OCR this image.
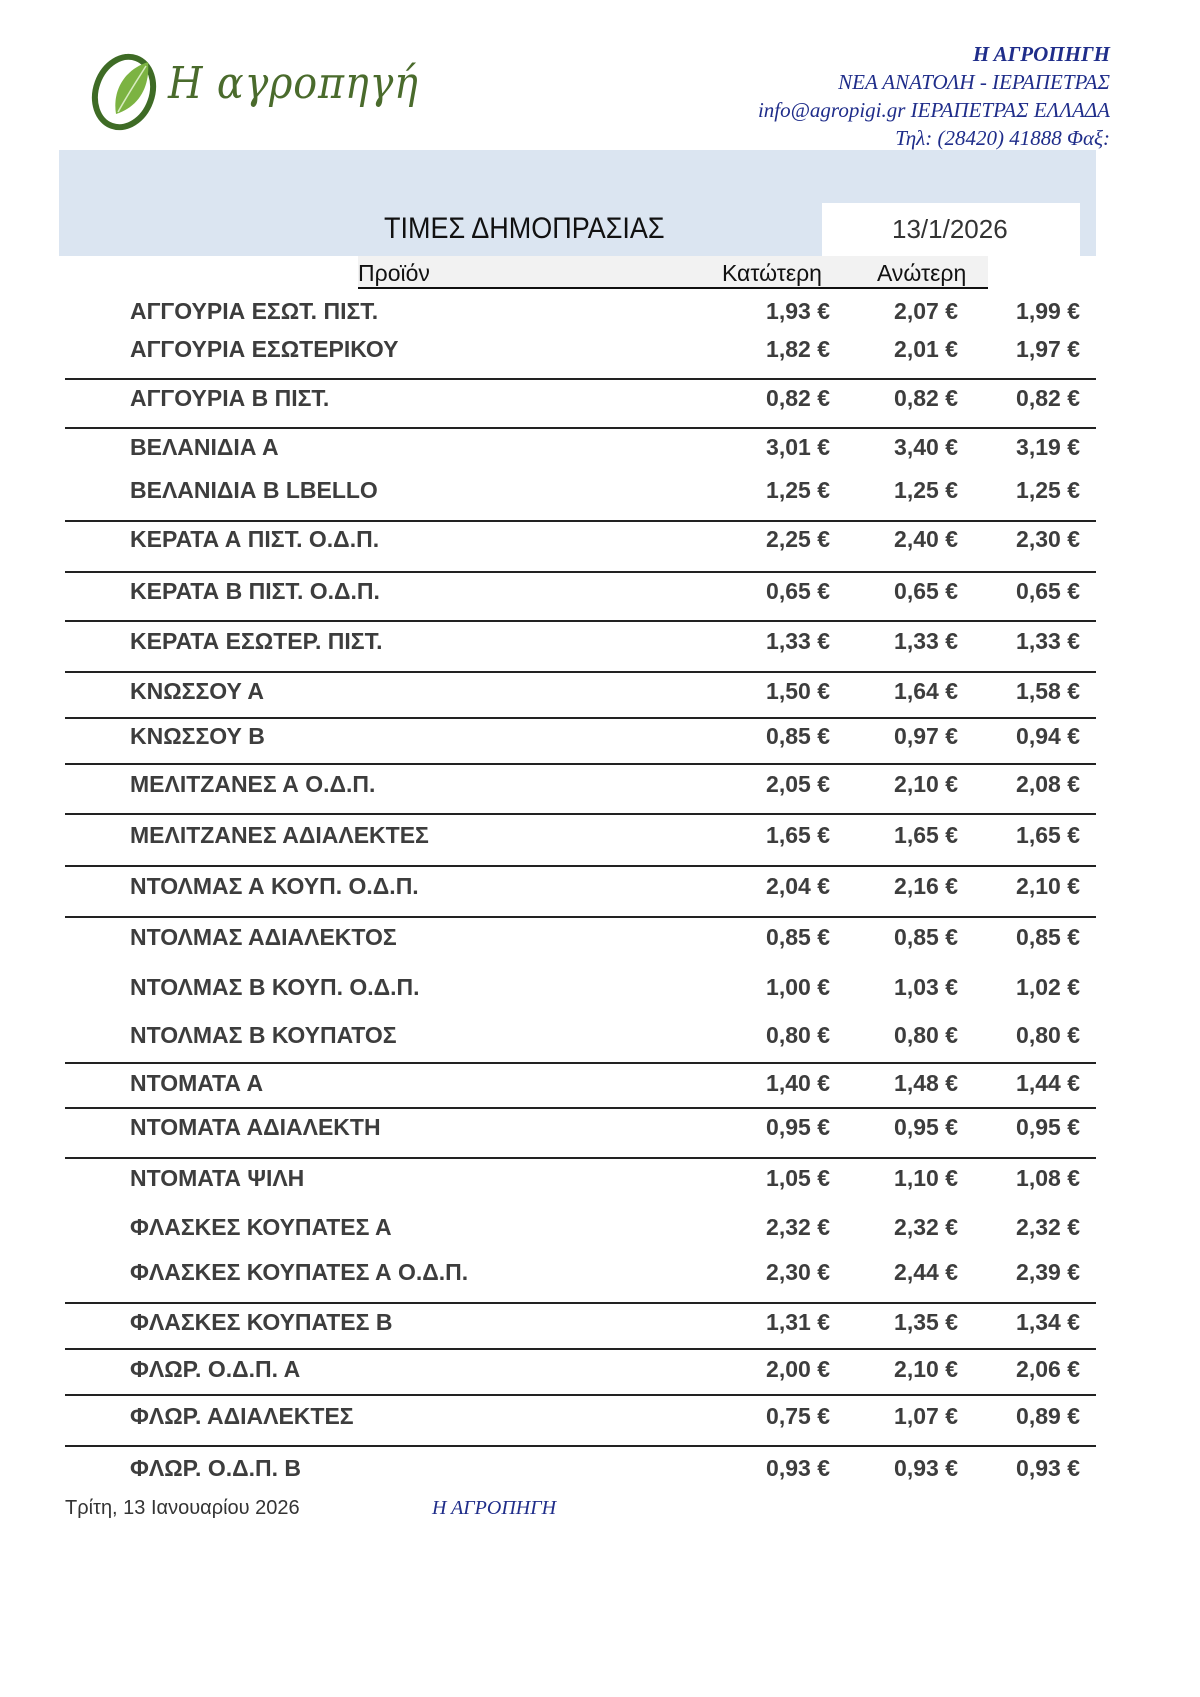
Η αγροπηγή
Η ΑΓΡΟΠΗΓΗ
ΝΕΑ ΑΝΑΤΟΛΗ - ΙΕΡΑΠΕΤΡΑΣ
info@agropigi.gr ΙΕΡΑΠΕΤΡΑΣ ΕΛΛΑΔΑ
Τηλ: (28420) 41888 Φαξ:
ΤΙΜΕΣ ΔΗΜΟΠΡΑΣΙΑΣ	13/1/2026
Προϊόν	Κατώτερη Ανώτερη
ΑΓΓΟΥΡΙΑ ΕΣΩΤ. ΠΙΣΤ.	1,93 €	2,07 €	1,99 €
ΑΓΓΟΥΡΙΑ ΕΣΩΤΕΡΙΚΟΥ	1,82 €	2,01 €	1,97 €
ΑΓΓΟΥΡΙΑ Β ΠΙΣΤ.	0,82 €	0,82 €	0,82 €
ΒΕΛΑΝΙΔΙΑ Α	3,01 €	3,40 €	3,19 €
ΒΕΛΑΝΙΔΙΑ Β LBELLO	1,25 €	1,25 €	1,25 €
ΚΕΡΑΤΑ Α ΠΙΣΤ. Ο.Δ.Π.	2,25 €	2,40 €	2,30 €
ΚΕΡΑΤΑ Β ΠΙΣΤ. Ο.Δ.Π.	0,65 €	0,65 €	0,65 €
ΚΕΡΑΤΑ ΕΣΩΤΕΡ. ΠΙΣΤ.	1,33 €	1,33 €	1,33 €
ΚΝΩΣΣΟΥ Α	1,50 €	1,64 €	1,58 €
ΚΝΩΣΣΟΥ Β	0,85 €	0,97 €	0,94 €
ΜΕΛΙΤΖΑΝΕΣ Α Ο.Δ.Π.	2,05 €	2,10 €	2,08 €
ΜΕΛΙΤΖΑΝΕΣ ΑΔΙΑΛΕΚΤΕΣ	1,65 €	1,65 €	1,65 €
ΝΤΟΛΜΑΣ Α ΚΟΥΠ. Ο.Δ.Π.	2,04 €	2,16 €	2,10 €
ΝΤΟΛΜΑΣ ΑΔΙΑΛΕΚΤΟΣ	0,85 €	0,85 €	0,85 €
ΝΤΟΛΜΑΣ Β ΚΟΥΠ. Ο.Δ.Π.	1,00 €	1,03 €	1,02 €
ΝΤΟΛΜΑΣ Β ΚΟΥΠΑΤΟΣ	0,80 €	0,80 €	0,80 €
ΝΤΟΜΑΤΑ Α	1,40 €	1,48 €	1,44 €
ΝΤΟΜΑΤΑ ΑΔΙΑΛΕΚΤΗ	0,95 €	0,95 €	0,95 €
ΝΤΟΜΑΤΑ ΨΙΛΗ	1,05 €	1,10 €	1,08 €
ΦΛΑΣΚΕΣ ΚΟΥΠΑΤΕΣ Α	2,32 €	2,32 €	2,32 €
ΦΛΑΣΚΕΣ ΚΟΥΠΑΤΕΣ Α Ο.Δ.Π.	2,30 €	2,44 €	2,39 €
ΦΛΑΣΚΕΣ ΚΟΥΠΑΤΕΣ Β	1,31 €	1,35 €	1,34 €
ΦΛΩΡ. Ο.Δ.Π. Α	2,00 €	2,10 €	2,06 €
ΦΛΩΡ. ΑΔΙΑΛΕΚΤΕΣ	0,75 €	1,07 €	0,89 €
ΦΛΩΡ. Ο.Δ.Π. Β	0,93 €	0,93 €	0,93 €
Τρίτη, 13 Ιανουαρίου 2026	Η ΑΓΡΟΠΗΓΗ
